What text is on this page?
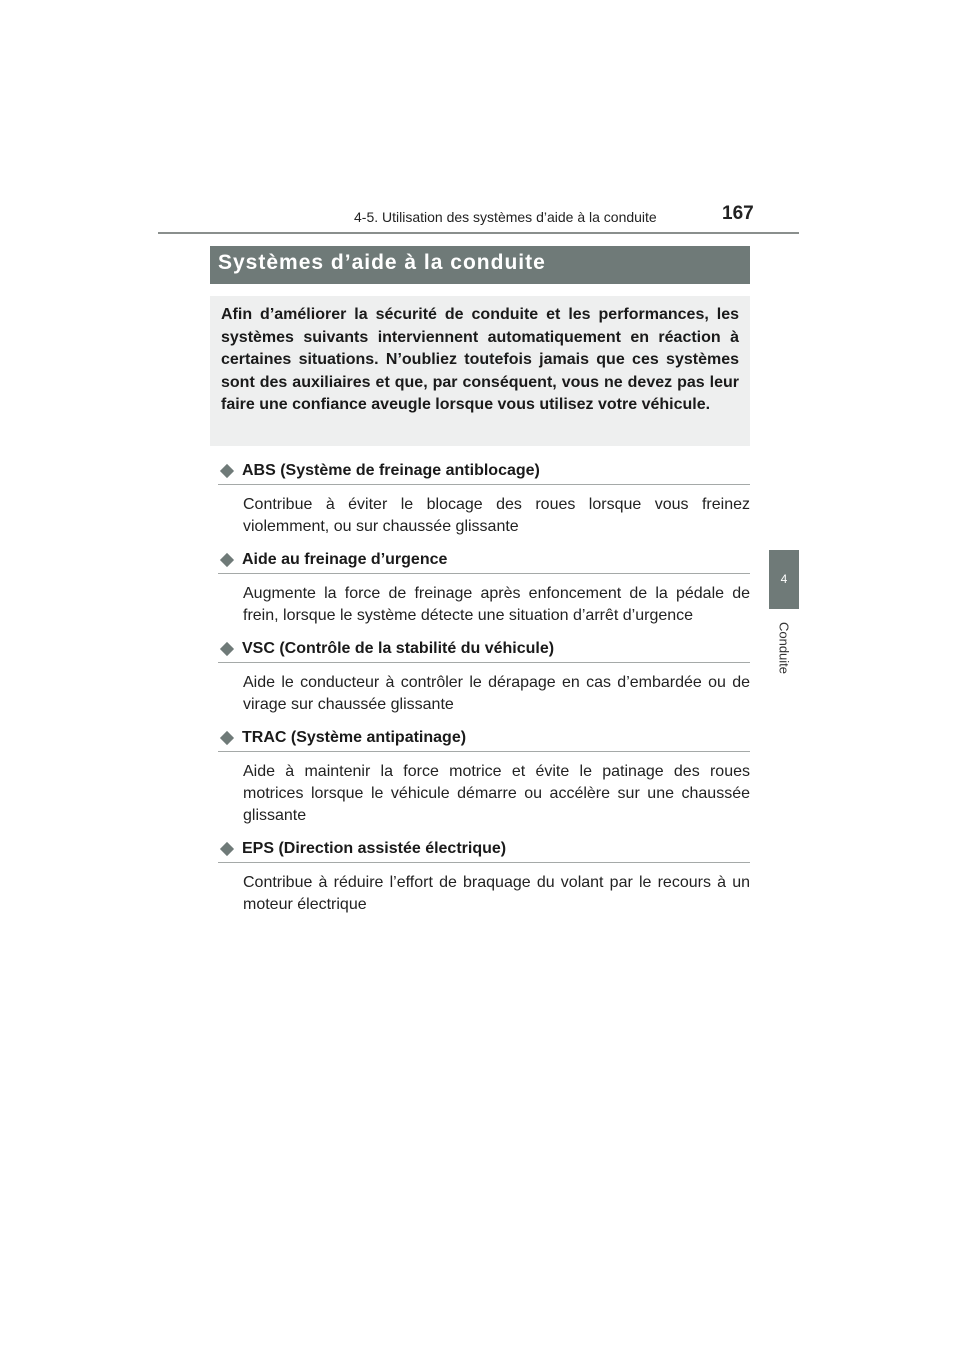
4-5. Utilisation des systèmes d’aide à la conduite	167
4
Conduite
Systèmes d’aide à la conduite

Afin d’améliorer la sécurité de conduite et les performances, les systèmes suivants interviennent automatiquement en réaction à certaines situations. N’oubliez toutefois jamais que ces systèmes sont des auxiliaires et que, par conséquent, vous ne devez pas leur faire une confiance aveugle lorsque vous utilisez votre véhicule.

ABS (Système de freinage antiblocage)

Contribue à éviter le blocage des roues lorsque vous freinez violemment, ou sur chaussée glissante

Aide au freinage d’urgence

Augmente la force de freinage après enfoncement de la pédale de frein, lorsque le système détecte une situation d’arrêt d’urgence

VSC (Contrôle de la stabilité du véhicule)

Aide le conducteur à contrôler le dérapage en cas d’embardée ou de virage sur chaussée glissante

TRAC (Système antipatinage)

Aide à maintenir la force motrice et évite le patinage des roues motrices lorsque le véhicule démarre ou accélère sur une chaussée glissante

EPS (Direction assistée électrique)

Contribue à réduire l’effort de braquage du volant par le recours à un moteur électrique
